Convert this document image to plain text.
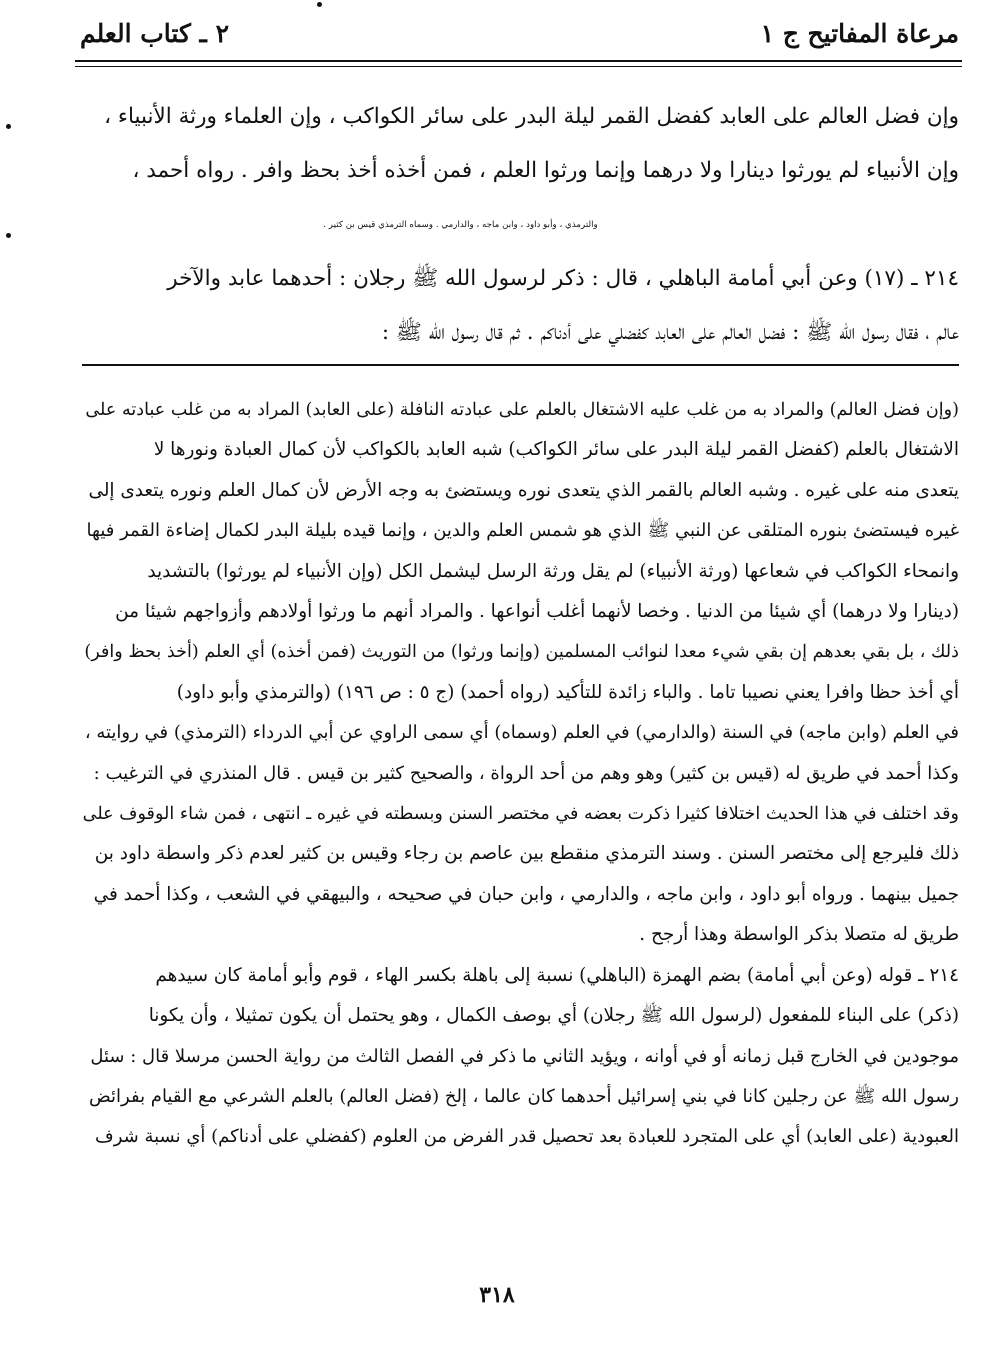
مرعاة المفاتيح ج ١
٢ ـ كتاب العلم

وإن فضل العالم على العابد كفضل القمر ليلة البدر على سائر الكواكب ، وإن العلماء ورثة الأنبياء ،

وإن الأنبياء لم يورثوا دينارا ولا درهما وإنما ورثوا العلم ، فمن أخذه أخذ بحظ وافر . رواه أحمد ،

والترمذي ، وأبو داود ، وابن ماجه ، والدارمي . وسماه الترمذي قيس بن كثير .

٢١٤ ـ (١٧) وعن أبي أمامة الباهلي ، قال : ذكر لرسول الله ﷺ رجلان : أحدهما عابد والآخر

عالم ، فقال رسول الله ﷺ : فضل العالم على العابد كفضلي على أدناكم . ثم قال رسول الله ﷺ :

(وإن فضل العالم) والمراد به من غلب عليه الاشتغال بالعلم على عبادته النافلة (على العابد) المراد به من غلب عبادته على

الاشتغال بالعلم (كفضل القمر ليلة البدر على سائر الكواكب) شبه العابد بالكواكب لأن كمال العبادة ونورها لا

يتعدى منه على غيره . وشبه العالم بالقمر الذي يتعدى نوره ويستضئ به وجه الأرض لأن كمال العلم ونوره يتعدى إلى

غيره فيستضئ بنوره المتلقى عن النبي ﷺ الذي هو شمس العلم والدين ، وإنما قيده بليلة البدر لكمال إضاءة القمر فيها

وانمحاء الكواكب في شعاعها (ورثة الأنبياء) لم يقل ورثة الرسل ليشمل الكل (وإن الأنبياء لم يورثوا) بالتشديد

(دينارا ولا درهما) أي شيئا من الدنيا . وخصا لأنهما أغلب أنواعها . والمراد أنهم ما ورثوا أولادهم وأزواجهم شيئا من

ذلك ، بل بقي بعدهم إن بقي شيء معدا لنوائب المسلمين (وإنما ورثوا) من التوريث (فمن أخذه) أي العلم (أخذ بحظ وافر)

أي أخذ حظا وافرا يعني نصيبا تاما . والباء زائدة للتأكيد (رواه أحمد) (ج ٥ : ص ١٩٦) (والترمذي وأبو داود)

في العلم (وابن ماجه) في السنة (والدارمي) في العلم (وسماه) أي سمى الراوي عن أبي الدرداء (الترمذي) في روايته ،

وكذا أحمد في طريق له (قيس بن كثير) وهو وهم من أحد الرواة ، والصحيح كثير بن قيس . قال المنذري في الترغيب :

وقد اختلف في هذا الحديث اختلافا كثيرا ذكرت بعضه في مختصر السنن وبسطته في غيره ـ انتهى ، فمن شاء الوقوف على

ذلك فليرجع إلى مختصر السنن . وسند الترمذي منقطع بين عاصم بن رجاء وقيس بن كثير لعدم ذكر واسطة داود بن

جميل بينهما . ورواه أبو داود ، وابن ماجه ، والدارمي ، وابن حبان في صحيحه ، والبيهقي في الشعب ، وكذا أحمد في

طريق له متصلا بذكر الواسطة وهذا أرجح .

٢١٤ ـ قوله (وعن أبي أمامة) بضم الهمزة (الباهلي) نسبة إلى باهلة بكسر الهاء ، قوم وأبو أمامة كان سيدهم

(ذكر) على البناء للمفعول (لرسول الله ﷺ رجلان) أي بوصف الكمال ، وهو يحتمل أن يكون تمثيلا ، وأن يكونا

موجودين في الخارج قبل زمانه أو في أوانه ، ويؤيد الثاني ما ذكر في الفصل الثالث من رواية الحسن مرسلا قال : سئل

رسول الله ﷺ عن رجلين كانا في بني إسرائيل أحدهما كان عالما ، إلخ (فضل العالم) بالعلم الشرعي مع القيام بفرائض

العبودية (على العابد) أي على المتجرد للعبادة بعد تحصيل قدر الفرض من العلوم (كفضلي على أدناكم) أي نسبة شرف

٣١٨
